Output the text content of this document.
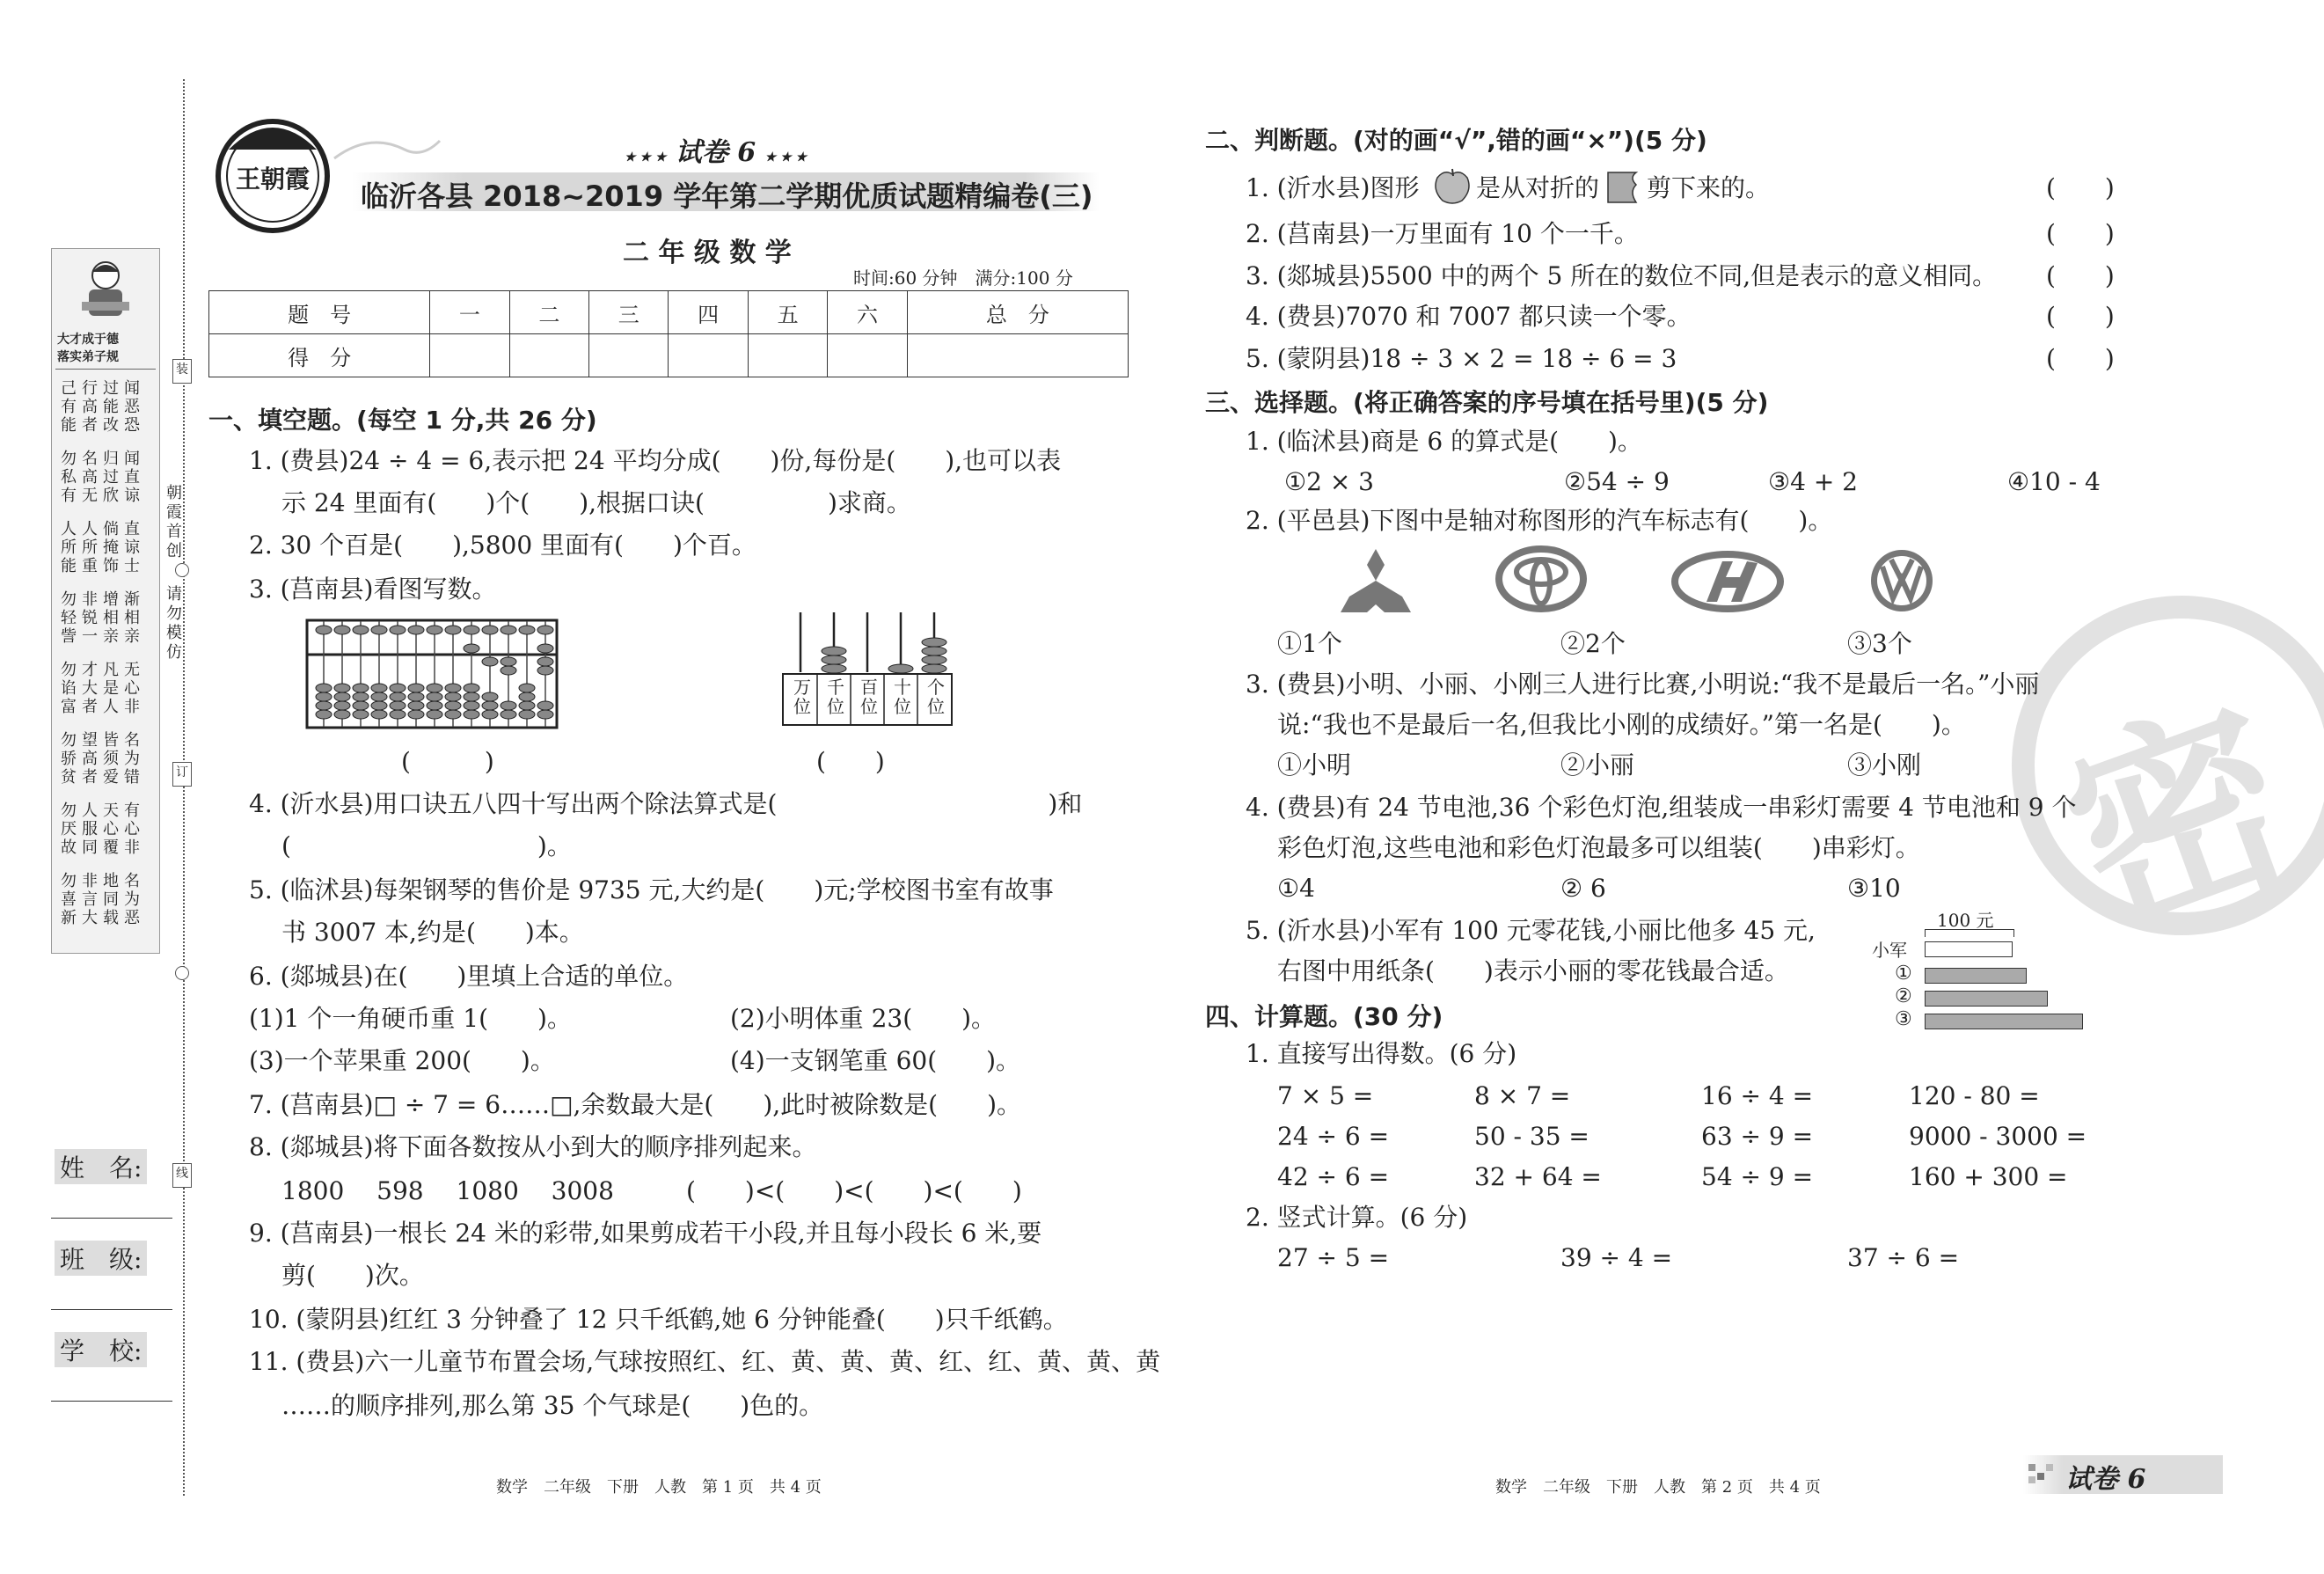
大才成于德
落实弟子规
己有能
行高者
过能改
闻恶恐
勿私有
名高无
归过欣
闻直谅
人所能
人所重
倘掩饰
直谅士
勿轻訾
非锐一
增相亲
渐相亲
勿谄富
才大者
凡是人
无心非
勿骄贫
望高者
皆须爱
名为错
勿厌故
人服同
天心覆
有心非
勿喜新
非言大
地同载
名为恶
朝霞首创
请勿模仿
装
订
线
姓　名:
班　级:
学　校:
王朝霞
★ ★ ★ 试卷 6 ★ ★ ★
临沂各县 2018~2019 学年第二学期优质试题精编卷(三)
二 年 级 数 学
时间:60 分钟　满分:100 分
题　号	一	二	三	四	五	六	总　分
得　分							
一、填空题。(每空 1 分,共 26 分)
1. (费县)24 ÷ 4 = 6,表示把 24 平均分成(　　)份,每份是(　　),也可以表
示 24 里面有(　　)个(　　),根据口诀(　　　　　)求商。
2. 30 个百是(　　),5800 里面有(　　)个百。
3. (莒南县)看图写数。
(　　　)
万位
千位
百位
十位
个位
(　　)
4. (沂水县)用口诀五八四十写出两个除法算式是(　　　　　　　　　　　)和
(　　　　　　　　　　)。
5. (临沭县)每架钢琴的售价是 9735 元,大约是(　　)元;学校图书室有故事
书 3007 本,约是(　　)本。
6. (郯城县)在(　　)里填上合适的单位。
(1)1 个一角硬币重 1(　　)。	(2)小明体重 23(　　)。
(3)一个苹果重 200(　　)。	(4)一支钢笔重 60(　　)。
7. (莒南县)□ ÷ 7 = 6……□,余数最大是(　　),此时被除数是(　　)。
8. (郯城县)将下面各数按从小到大的顺序排列起来。
1800　 598　 1080　 3008	(　　)<(　　)<(　　)<(　　)
9. (莒南县)一根长 24 米的彩带,如果剪成若干小段,并且每小段长 6 米,要
剪(　　)次。
10. (蒙阴县)红红 3 分钟叠了 12 只千纸鹤,她 6 分钟能叠(　　)只千纸鹤。
11. (费县)六一儿童节布置会场,气球按照红、红、黄、黄、黄、红、红、黄、黄、黄
……的顺序排列,那么第 35 个气球是(　　)色的。
数学　二年级　下册　人教　第 1 页　共 4 页
密
二、判断题。(对的画“√”,错的画“×”)(5 分)
1. (沂水县)图形 是从对折的 剪下来的。	(　　)
2. (莒南县)一万里面有 10 个一千。	(　　)
3. (郯城县)5500 中的两个 5 所在的数位不同,但是表示的意义相同。 (　　)
4. (费县)7070 和 7007 都只读一个零。	(　　)
5. (蒙阴县)18 ÷ 3 × 2 = 18 ÷ 6 = 3	(　　)
三、选择题。(将正确答案的序号填在括号里)(5 分)
1. (临沭县)商是 6 的算式是(　　)。
①2 × 3	②54 ÷ 9	③4 + 2	④10 - 4
2. (平邑县)下图中是轴对称图形的汽车标志有(　　)。
①1个	②2个	③3个
3. (费县)小明、小丽、小刚三人进行比赛,小明说:“我不是最后一名。”小丽
说:“我也不是最后一名,但我比小刚的成绩好。”第一名是(　　)。
①小明	②小丽	③小刚
4. (费县)有 24 节电池,36 个彩色灯泡,组装成一串彩灯需要 4 节电池和 9 个
彩色灯泡,这些电池和彩色灯泡最多可以组装(　　)串彩灯。
①4	② 6	③10
5. (沂水县)小军有 100 元零花钱,小丽比他多 45 元,
右图中用纸条(　　)表示小丽的零花钱最合适。
100 元
小军
①
②
③
四、计算题。(30 分)
1. 直接写出得数。(6 分)
7 × 5 =	8 × 7 =	16 ÷ 4 =	120 - 80 =
24 ÷ 6 =	50 - 35 =	63 ÷ 9 =	9000 - 3000 =
42 ÷ 6 =	32 + 64 =	54 ÷ 9 =	160 + 300 =
2. 竖式计算。(6 分)
27 ÷ 5 =	39 ÷ 4 =	37 ÷ 6 =
数学　二年级　下册　人教　第 2 页　共 4 页	试卷 6
